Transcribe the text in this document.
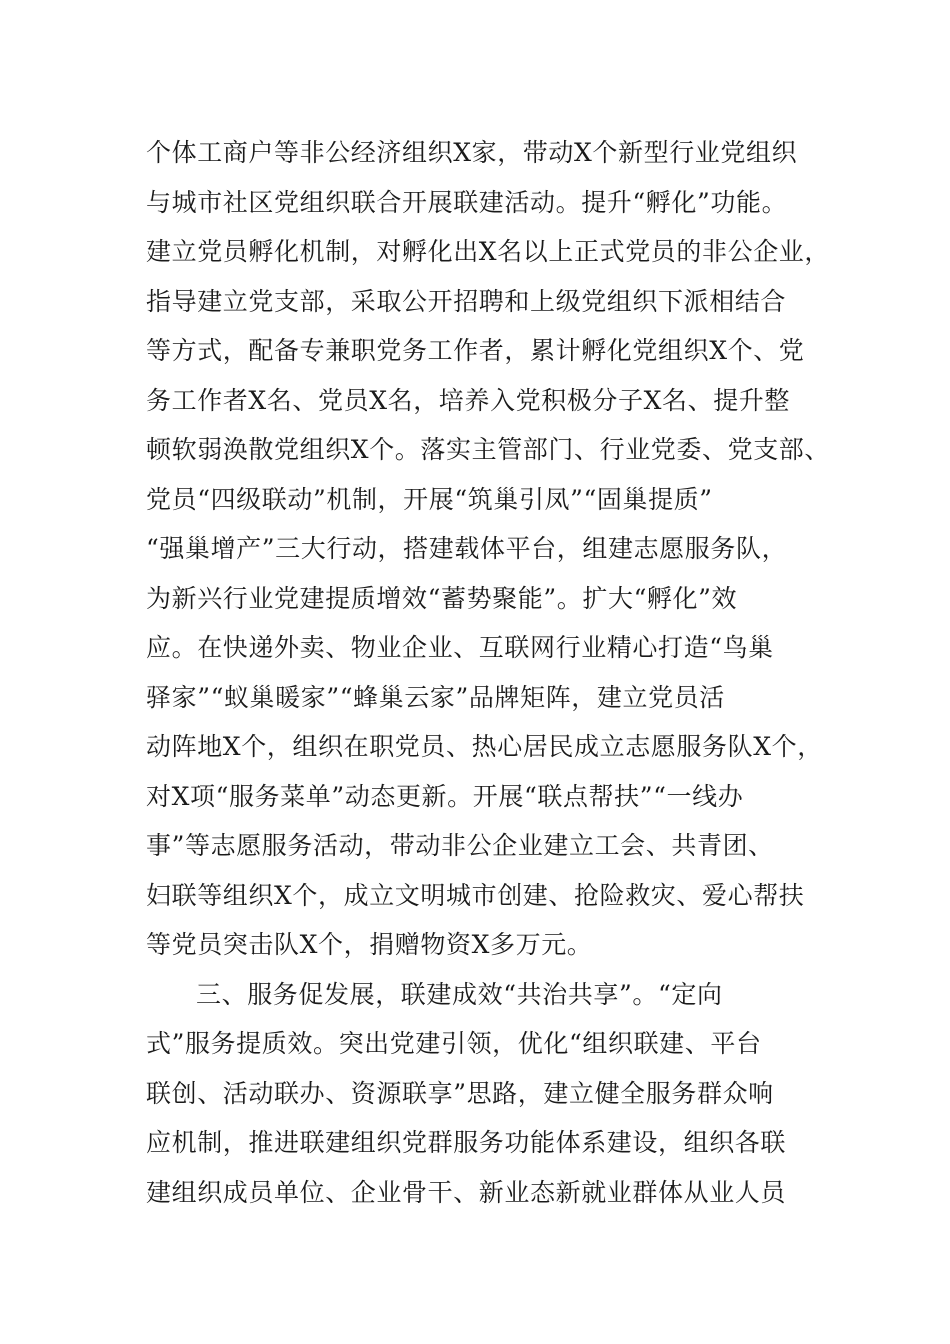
个体工商户等非公经济组织X家，带动X个新型行业党组织
与城市社区党组织联合开展联建活动。提升“孵化”功能。
建立党员孵化机制，对孵化出X名以上正式党员的非公企业，
指导建立党支部，采取公开招聘和上级党组织下派相结合
等方式，配备专兼职党务工作者，累计孵化党组织X个、党
务工作者X名、党员X名，培养入党积极分子X名、提升整
顿软弱涣散党组织X个。落实主管部门、行业党委、党支部、
党员“四级联动”机制，开展“筑巢引凤”“固巢提质”
“强巢增产”三大行动，搭建载体平台，组建志愿服务队，
为新兴行业党建提质增效“蓄势聚能”。扩大“孵化”效
应。在快递外卖、物业企业、互联网行业精心打造“鸟巢
驿家”“蚁巢暖家”“蜂巢云家”品牌矩阵，建立党员活
动阵地X个，组织在职党员、热心居民成立志愿服务队X个，
对X项“服务菜单”动态更新。开展“联点帮扶”“一线办
事”等志愿服务活动，带动非公企业建立工会、共青团、
妇联等组织X个，成立文明城市创建、抢险救灾、爱心帮扶
等党员突击队X个，捐赠物资X多万元。
三、服务促发展，联建成效“共治共享”。“定向
式”服务提质效。突出党建引领，优化“组织联建、平台
联创、活动联办、资源联享”思路，建立健全服务群众响
应机制，推进联建组织党群服务功能体系建设，组织各联
建组织成员单位、企业骨干、新业态新就业群体从业人员
